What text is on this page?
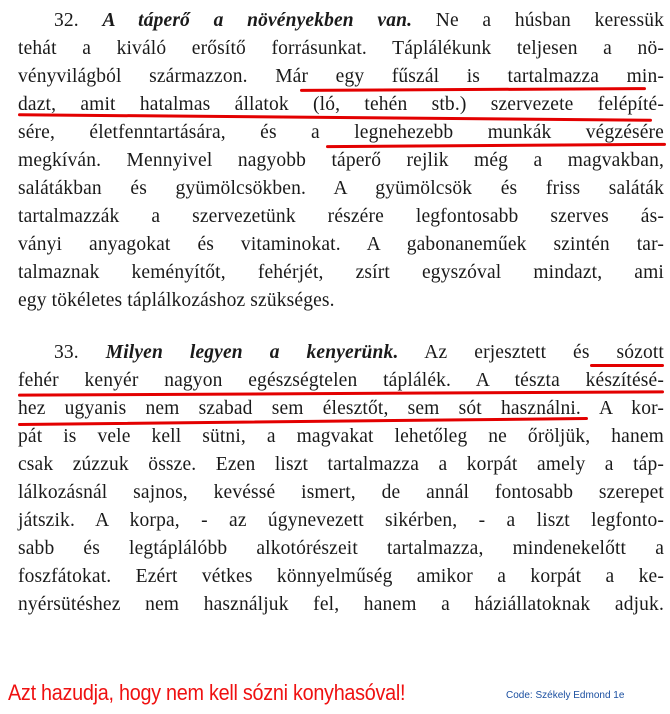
32. A táperő a növényekben van. Ne a húsban keressük
tehát a kiváló erősítő forrásunkat. Táplálékunk teljesen a nö-
vényvilágból származzon. Már egy fűszál is tartalmazza min-
dazt, amit hatalmas állatok (ló, tehén stb.) szervezete felépíté-
sére, életfenntartására, és a legnehezebb munkák végzésére
megkíván. Mennyivel nagyobb táperő rejlik még a magvakban,
salátákban és gyümölcsökben. A gyümölcsök és friss saláták
tartalmazzák a szervezetünk részére legfontosabb szerves ás-
ványi anyagokat és vitaminokat. A gabonaneműek szintén tar-
talmaznak keményítőt, fehérjét, zsírt egyszóval mindazt, ami
egy tökéletes táplálkozáshoz szükséges.
33. Milyen legyen a kenyerünk. Az erjesztett és sózott
fehér kenyér nagyon egészségtelen táplálék. A tészta készítésé-
hez ugyanis nem szabad sem élesztőt, sem sót használni. A kor-
pát is vele kell sütni, a magvakat lehetőleg ne őröljük, hanem
csak zúzzuk össze. Ezen liszt tartalmazza a korpát amely a táp-
lálkozásnál sajnos, kevéssé ismert, de annál fontosabb szerepet
játszik. A korpa, - az úgynevezett sikérben, - a liszt legfonto-
sabb és legtáplálóbb alkotórészeit tartalmazza, mindenekelőtt a
foszfátokat. Ezért vétkes könnyelműség amikor a korpát a ke-
nyérsütéshez nem használjuk fel, hanem a háziállatoknak adjuk.
Azt hazudja, hogy nem kell sózni konyhasóval!	Code: Székely Edmond 1e
